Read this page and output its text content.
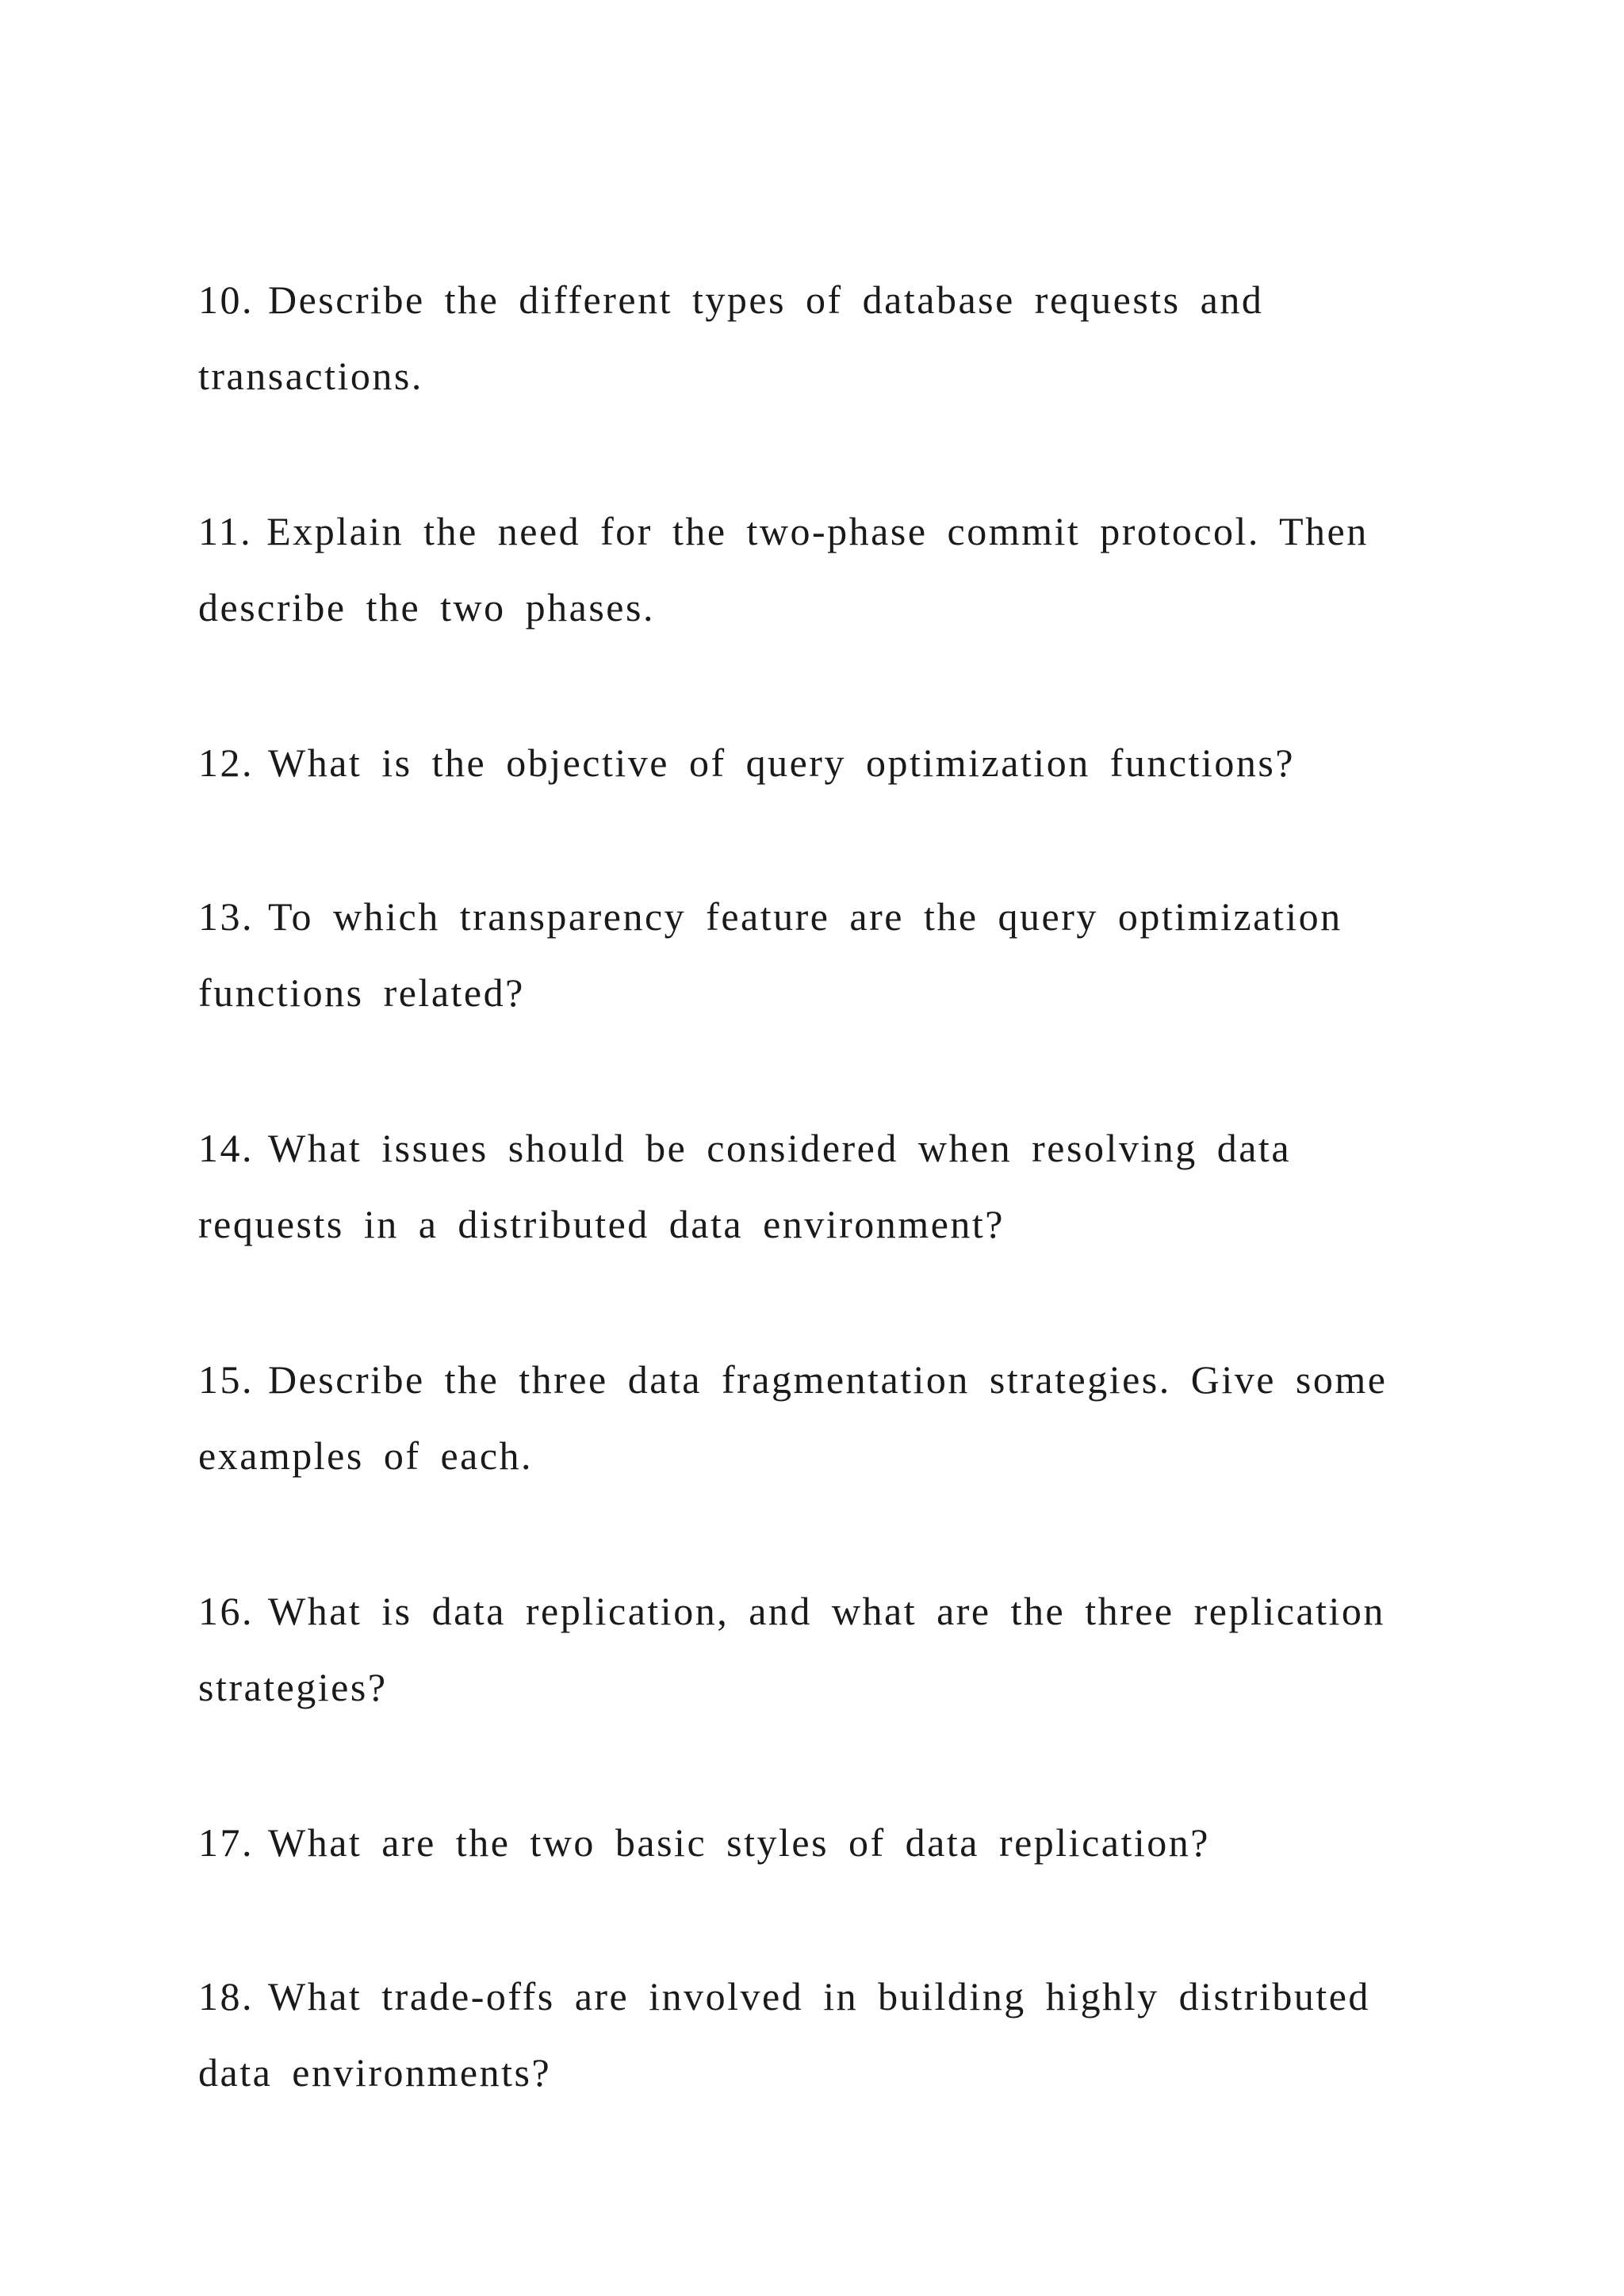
10. Describe the different types of database requests and transactions.

11. Explain the need for the two-phase commit protocol. Then describe the two phases.

12. What is the objective of query optimization functions?

13. To which transparency feature are the query optimization functions related?

14. What issues should be considered when resolving data requests in a distributed data environment?

15. Describe the three data fragmentation strategies. Give some examples of each.

16. What is data replication, and what are the three replication strategies?

17. What are the two basic styles of data replication?

18. What trade-offs are involved in building highly distributed data environments?
